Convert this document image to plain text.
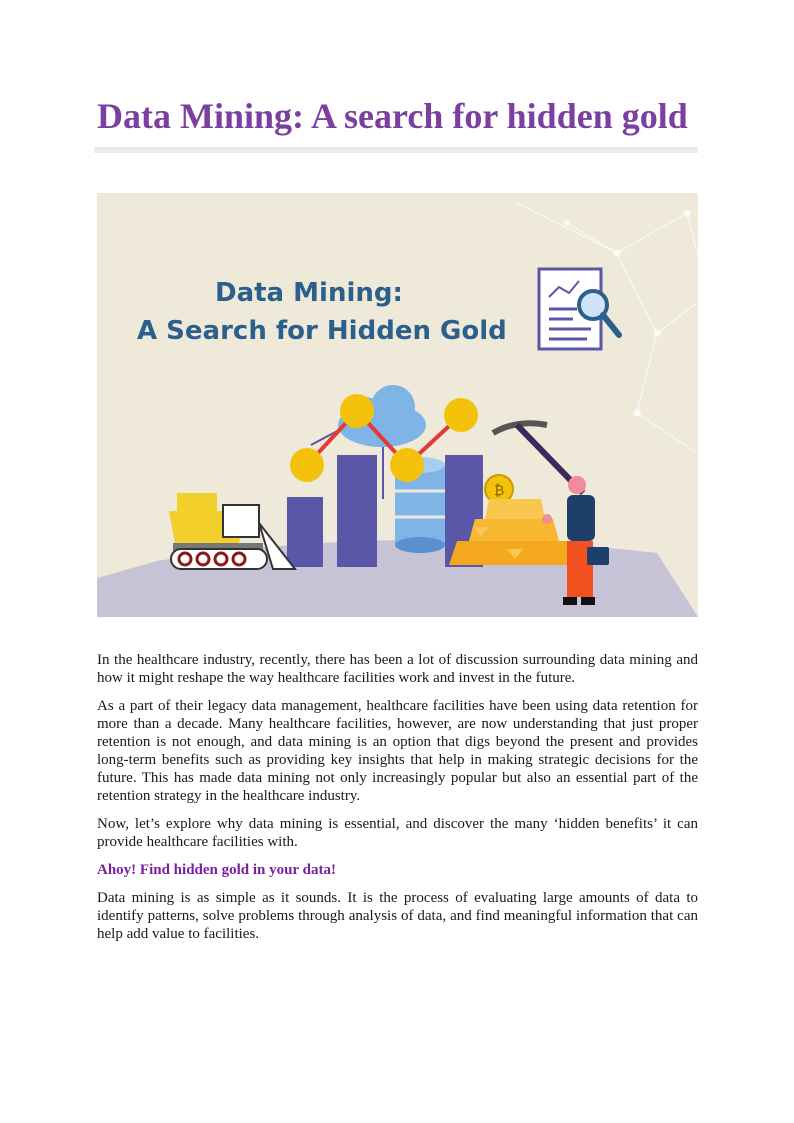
Data Mining: A search for hidden gold
Data Mining:
A Search for Hidden Gold
₿

In the healthcare industry, recently, there has been a lot of discussion surrounding data mining and how it might reshape the way healthcare facilities work and invest in the future.

As a part of their legacy data management, healthcare facilities have been using data retention for more than a decade. Many healthcare facilities, however, are now understanding that just proper retention is not enough, and data mining is an option that digs beyond the present and provides long-term benefits such as providing key insights that help in making strategic decisions for the future. This has made data mining not only increasingly popular but also an essential part of the retention strategy in the healthcare industry.

Now, let’s explore why data mining is essential, and discover the many ‘hidden benefits’ it can provide healthcare facilities with.

Ahoy! Find hidden gold in your data!

Data mining is as simple as it sounds. It is the process of evaluating large amounts of data to identify patterns, solve problems through analysis of data, and find meaningful information that can help add value to facilities.
